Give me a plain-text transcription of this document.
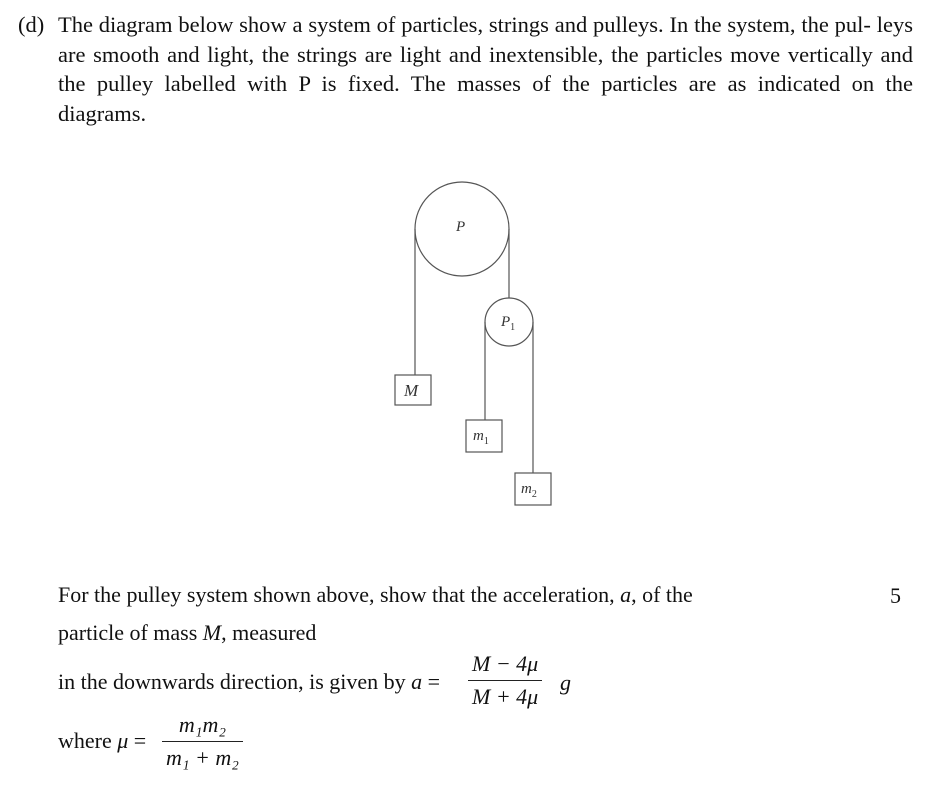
(d) The diagram below show a system of particles, strings and pulleys. In the system, the pul- leys are smooth and light, the strings are light and inextensible, the particles move vertically and the pulley labelled with P is fixed. The masses of the particles are as indicated on the diagrams.
P
$P_1$
M
$m_1$
$m_2$
For the pulley system shown above, show that the acceleration, a, of the	5
particle of mass M, measured
in the downwards direction, is given by a =
M − 4μ
M + 4μ
g
where μ =
m₁m₂
m₁ + m₂
